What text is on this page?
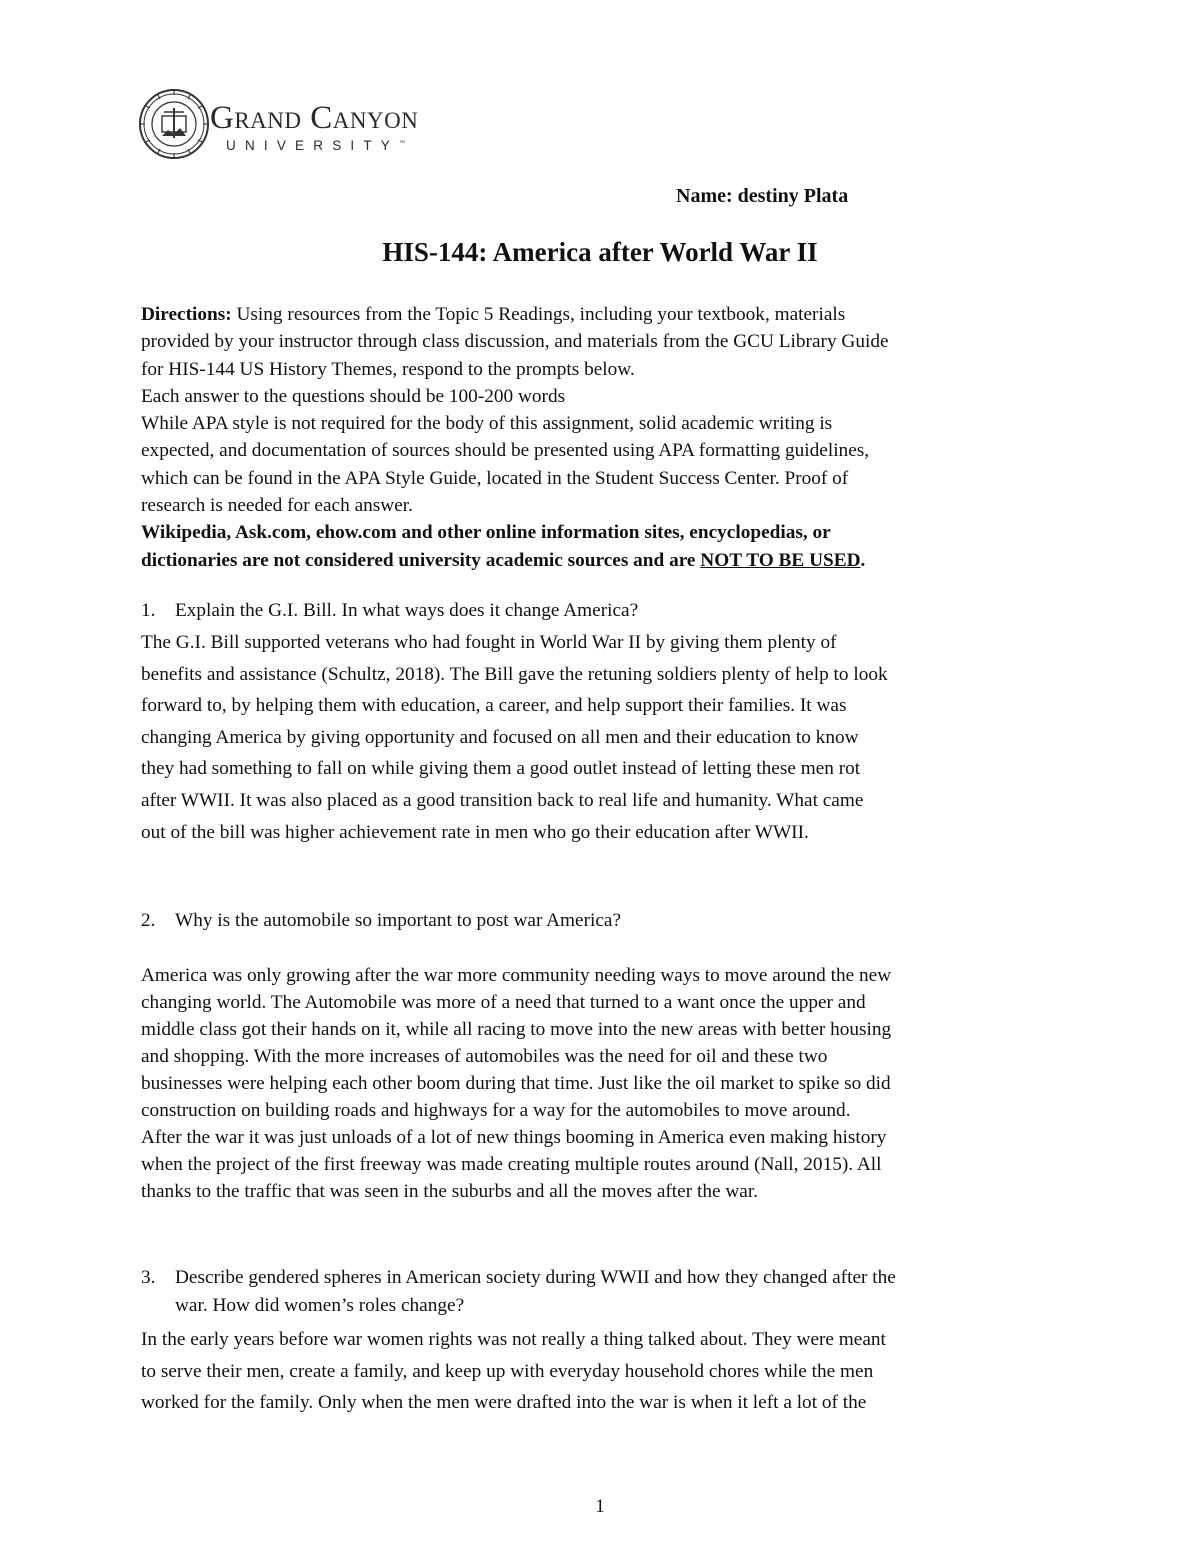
Grand Canyon
UNIVERSITY™
Name: destiny Plata
HIS-144: America after World War II
Directions: Using resources from the Topic 5 Readings, including your textbook, materials
provided by your instructor through class discussion, and materials from the GCU Library Guide
for HIS-144 US History Themes, respond to the prompts below.
Each answer to the questions should be 100-200 words
While APA style is not required for the body of this assignment, solid academic writing is
expected, and documentation of sources should be presented using APA formatting guidelines,
which can be found in the APA Style Guide, located in the Student Success Center. Proof of
research is needed for each answer.
Wikipedia, Ask.com, ehow.com and other online information sites, encyclopedias, or
dictionaries are not considered university academic sources and are NOT TO BE USED.
1. Explain the G.I. Bill. In what ways does it change America?
The G.I. Bill supported veterans who had fought in World War II by giving them plenty of
benefits and assistance (Schultz, 2018). The Bill gave the retuning soldiers plenty of help to look
forward to, by helping them with education, a career, and help support their families. It was
changing America by giving opportunity and focused on all men and their education to know
they had something to fall on while giving them a good outlet instead of letting these men rot
after WWII. It was also placed as a good transition back to real life and humanity. What came
out of the bill was higher achievement rate in men who go their education after WWII.
2. Why is the automobile so important to post war America?
America was only growing after the war more community needing ways to move around the new
changing world. The Automobile was more of a need that turned to a want once the upper and
middle class got their hands on it, while all racing to move into the new areas with better housing
and shopping. With the more increases of automobiles was the need for oil and these two
businesses were helping each other boom during that time. Just like the oil market to spike so did
construction on building roads and highways for a way for the automobiles to move around.
After the war it was just unloads of a lot of new things booming in America even making history
when the project of the first freeway was made creating multiple routes around (Nall, 2015). All
thanks to the traffic that was seen in the suburbs and all the moves after the war.
3. Describe gendered spheres in American society during WWII and how they changed after the
war. How did women’s roles change?
In the early years before war women rights was not really a thing talked about. They were meant
to serve their men, create a family, and keep up with everyday household chores while the men
worked for the family. Only when the men were drafted into the war is when it left a lot of the
1
